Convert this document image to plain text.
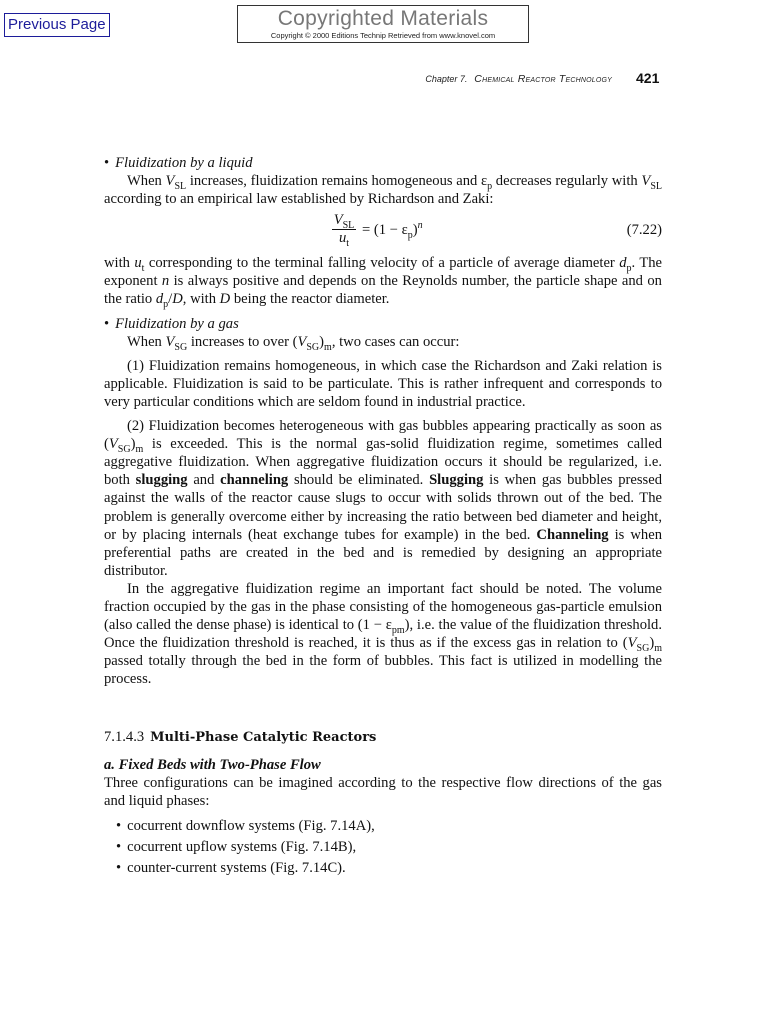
Previous Page	Copyrighted Materials
Copyright © 2000 Editions Technip Retrieved from www.knovel.com
Chapter 7. Chemical Reactor Technology 421

• Fluidization by a liquid

When $V_{SL}$ increases, fluidization remains homogeneous and $\varepsilon_p$ decreases regularly with $V_{SL}$ according to an empirical law established by Richardson and Zaki:

$V_{SL}$
$u_t$
= $(1 - \varepsilon_p)^n$	(7.22)

with $u_t$ corresponding to the terminal falling velocity of a particle of average diameter $d_p$. The exponent n is always positive and depends on the Reynolds number, the particle shape and on the ratio $d_p/D$, with D being the reactor diameter.

• Fluidization by a gas

When $V_{SG}$ increases to over $(V_{SG})_m$, two cases can occur:

(1) Fluidization remains homogeneous, in which case the Richardson and Zaki relation is applicable. Fluidization is said to be particulate. This is rather infrequent and corresponds to very particular conditions which are seldom found in industrial practice.

(2) Fluidization becomes heterogeneous with gas bubbles appearing practically as soon as $(V_{SG})_m$ is exceeded. This is the normal gas-solid fluidization regime, sometimes called aggregative fluidization. When aggregative fluidization occurs it should be regularized, i.e. both slugging and channeling should be eliminated. Slugging is when gas bubbles pressed against the walls of the reactor cause slugs to occur with solids thrown out of the bed. The problem is generally overcome either by increasing the ratio between bed diameter and height, or by placing internals (heat exchange tubes for example) in the bed. Channeling is when preferential paths are created in the bed and is remedied by designing an appropriate distributor.

In the aggregative fluidization regime an important fact should be noted. The volume fraction occupied by the gas in the phase consisting of the homogeneous gas-particle emulsion (also called the dense phase) is identical to $(1 - \varepsilon_{pm})$, i.e. the value of the fluidization threshold. Once the fluidization threshold is reached, it is thus as if the excess gas in relation to $(V_{SG})_m$ passed totally through the bed in the form of bubbles. This fact is utilized in modelling the process.

7.1.4.3 Multi-Phase Catalytic Reactors

a. Fixed Beds with Two-Phase Flow

Three configurations can be imagined according to the respective flow directions of the gas and liquid phases:

• cocurrent downflow systems (Fig. 7.14A),
• cocurrent upflow systems (Fig. 7.14B),
• counter-current systems (Fig. 7.14C).
